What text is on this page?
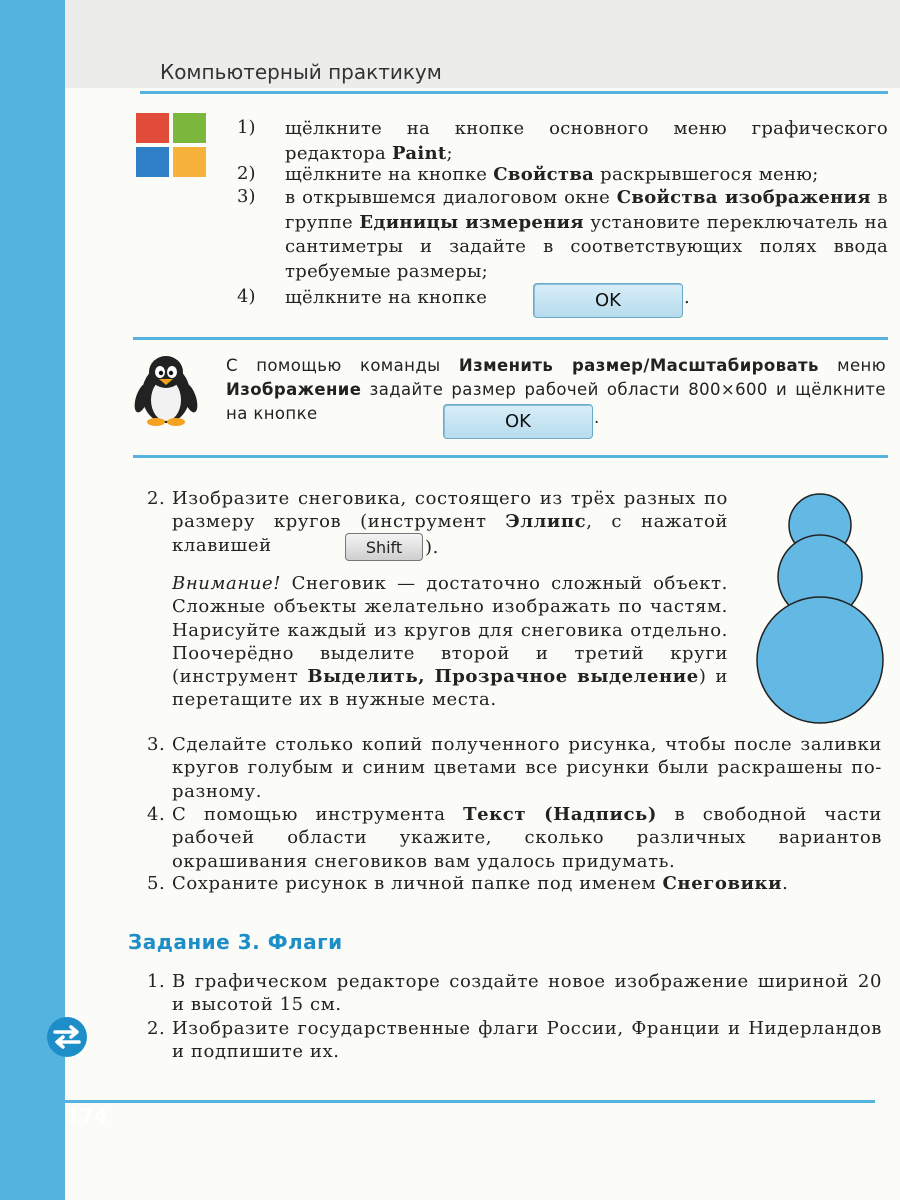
Компьютерный практикум
1) щёлкните на кнопке основного меню графического редактора Paint;
2) щёлкните на кнопке Свойства раскрывшегося меню;
3) в открывшемся диалоговом окне Свойства изображения в группе Единицы измерения установите переключатель на сантиметры и задайте в соответствующих полях ввода требуемые размеры;
4) щёлкните на кнопке	OK	.
С помощью команды Изменить размер/Масштабировать меню Изображение задайте размер рабочей области 800×600 и щёлкните на кнопке	OK	.
2. Изобразите снеговика, состоящего из трёх разных по размеру кругов (инструмент Эллипс, с нажатой клавишей	Shift	).
Внимание! Снеговик — достаточно сложный объект. Сложные объекты желательно изображать по частям. Нарисуйте каждый из кругов для снеговика отдельно. Поочерёдно выделите второй и третий круги (инструмент Выделить, Прозрачное выделение) и перетащите их в нужные места.
3. Сделайте столько копий полученного рисунка, чтобы после заливки кругов голубым и синим цветами все рисунки были раскрашены по-разному.
4. С помощью инструмента Текст (Надпись) в свободной части рабочей области укажите, сколько различных вариантов окрашивания снеговиков вам удалось придумать.
5. Сохраните рисунок в личной папке под именем Снеговики.
Задание 3. Флаги
1. В графическом редакторе создайте новое изображение шириной 20 и высотой 15 см.
2. Изобразите государственные флаги России, Франции и Нидерландов и подпишите их.
174
